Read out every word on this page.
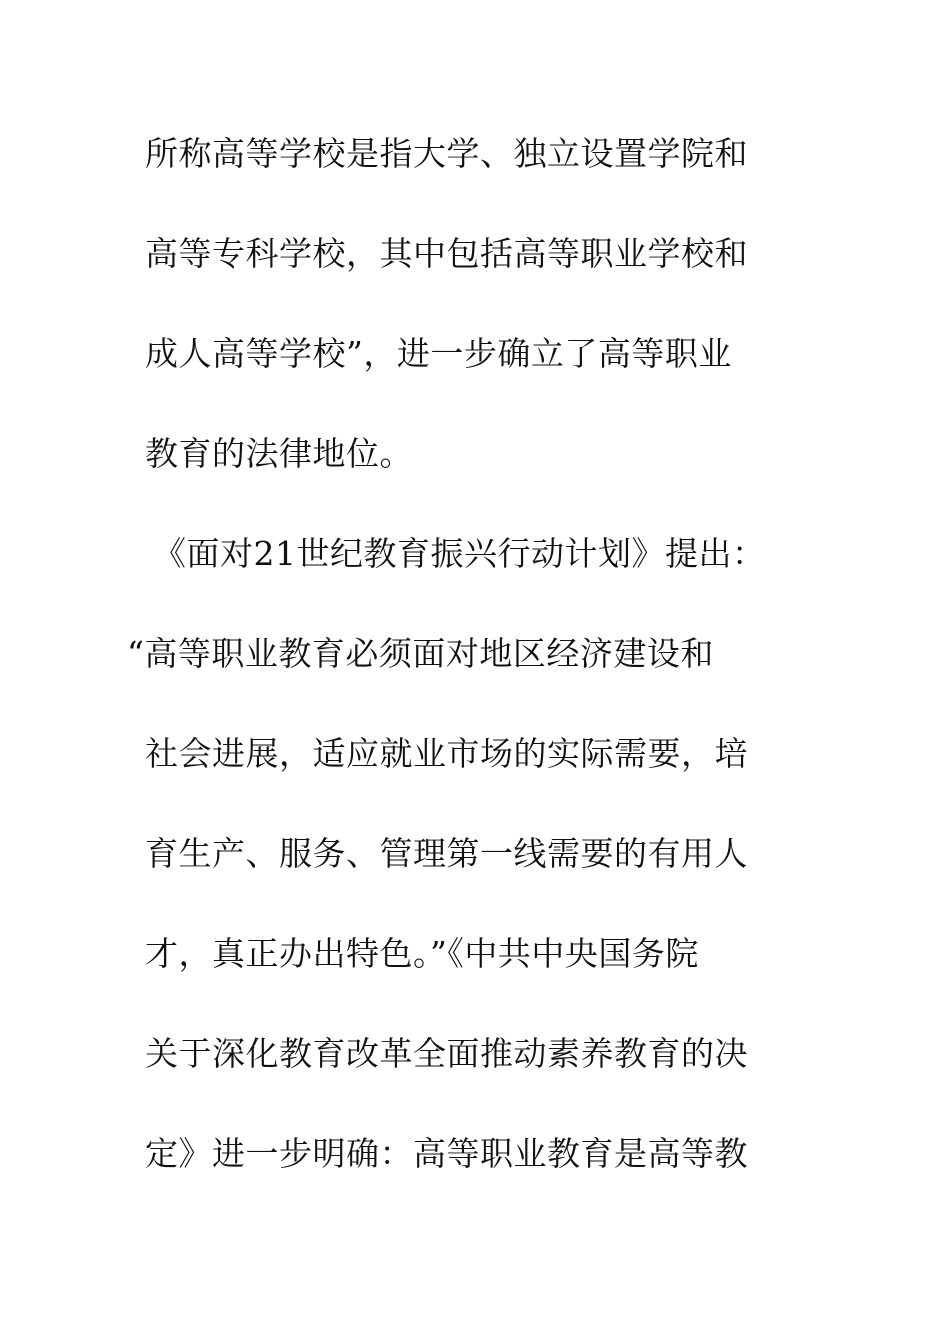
所称高等学校是指大学、独立设置学院和
高等专科学校，其中包括高等职业学校和
成人高等学校”，进一步确立了高等职业
教育的法律地位。
《面对21世纪教育振兴行动计划》提出：
“高等职业教育必须面对地区经济建设和
社会进展，适应就业市场的实际需要，培
育生产、服务、管理第一线需要的有用人
才，真正办出特色。”《中共中央国务院
关于深化教育改革全面推动素养教育的决
定》进一步明确：高等职业教育是高等教
